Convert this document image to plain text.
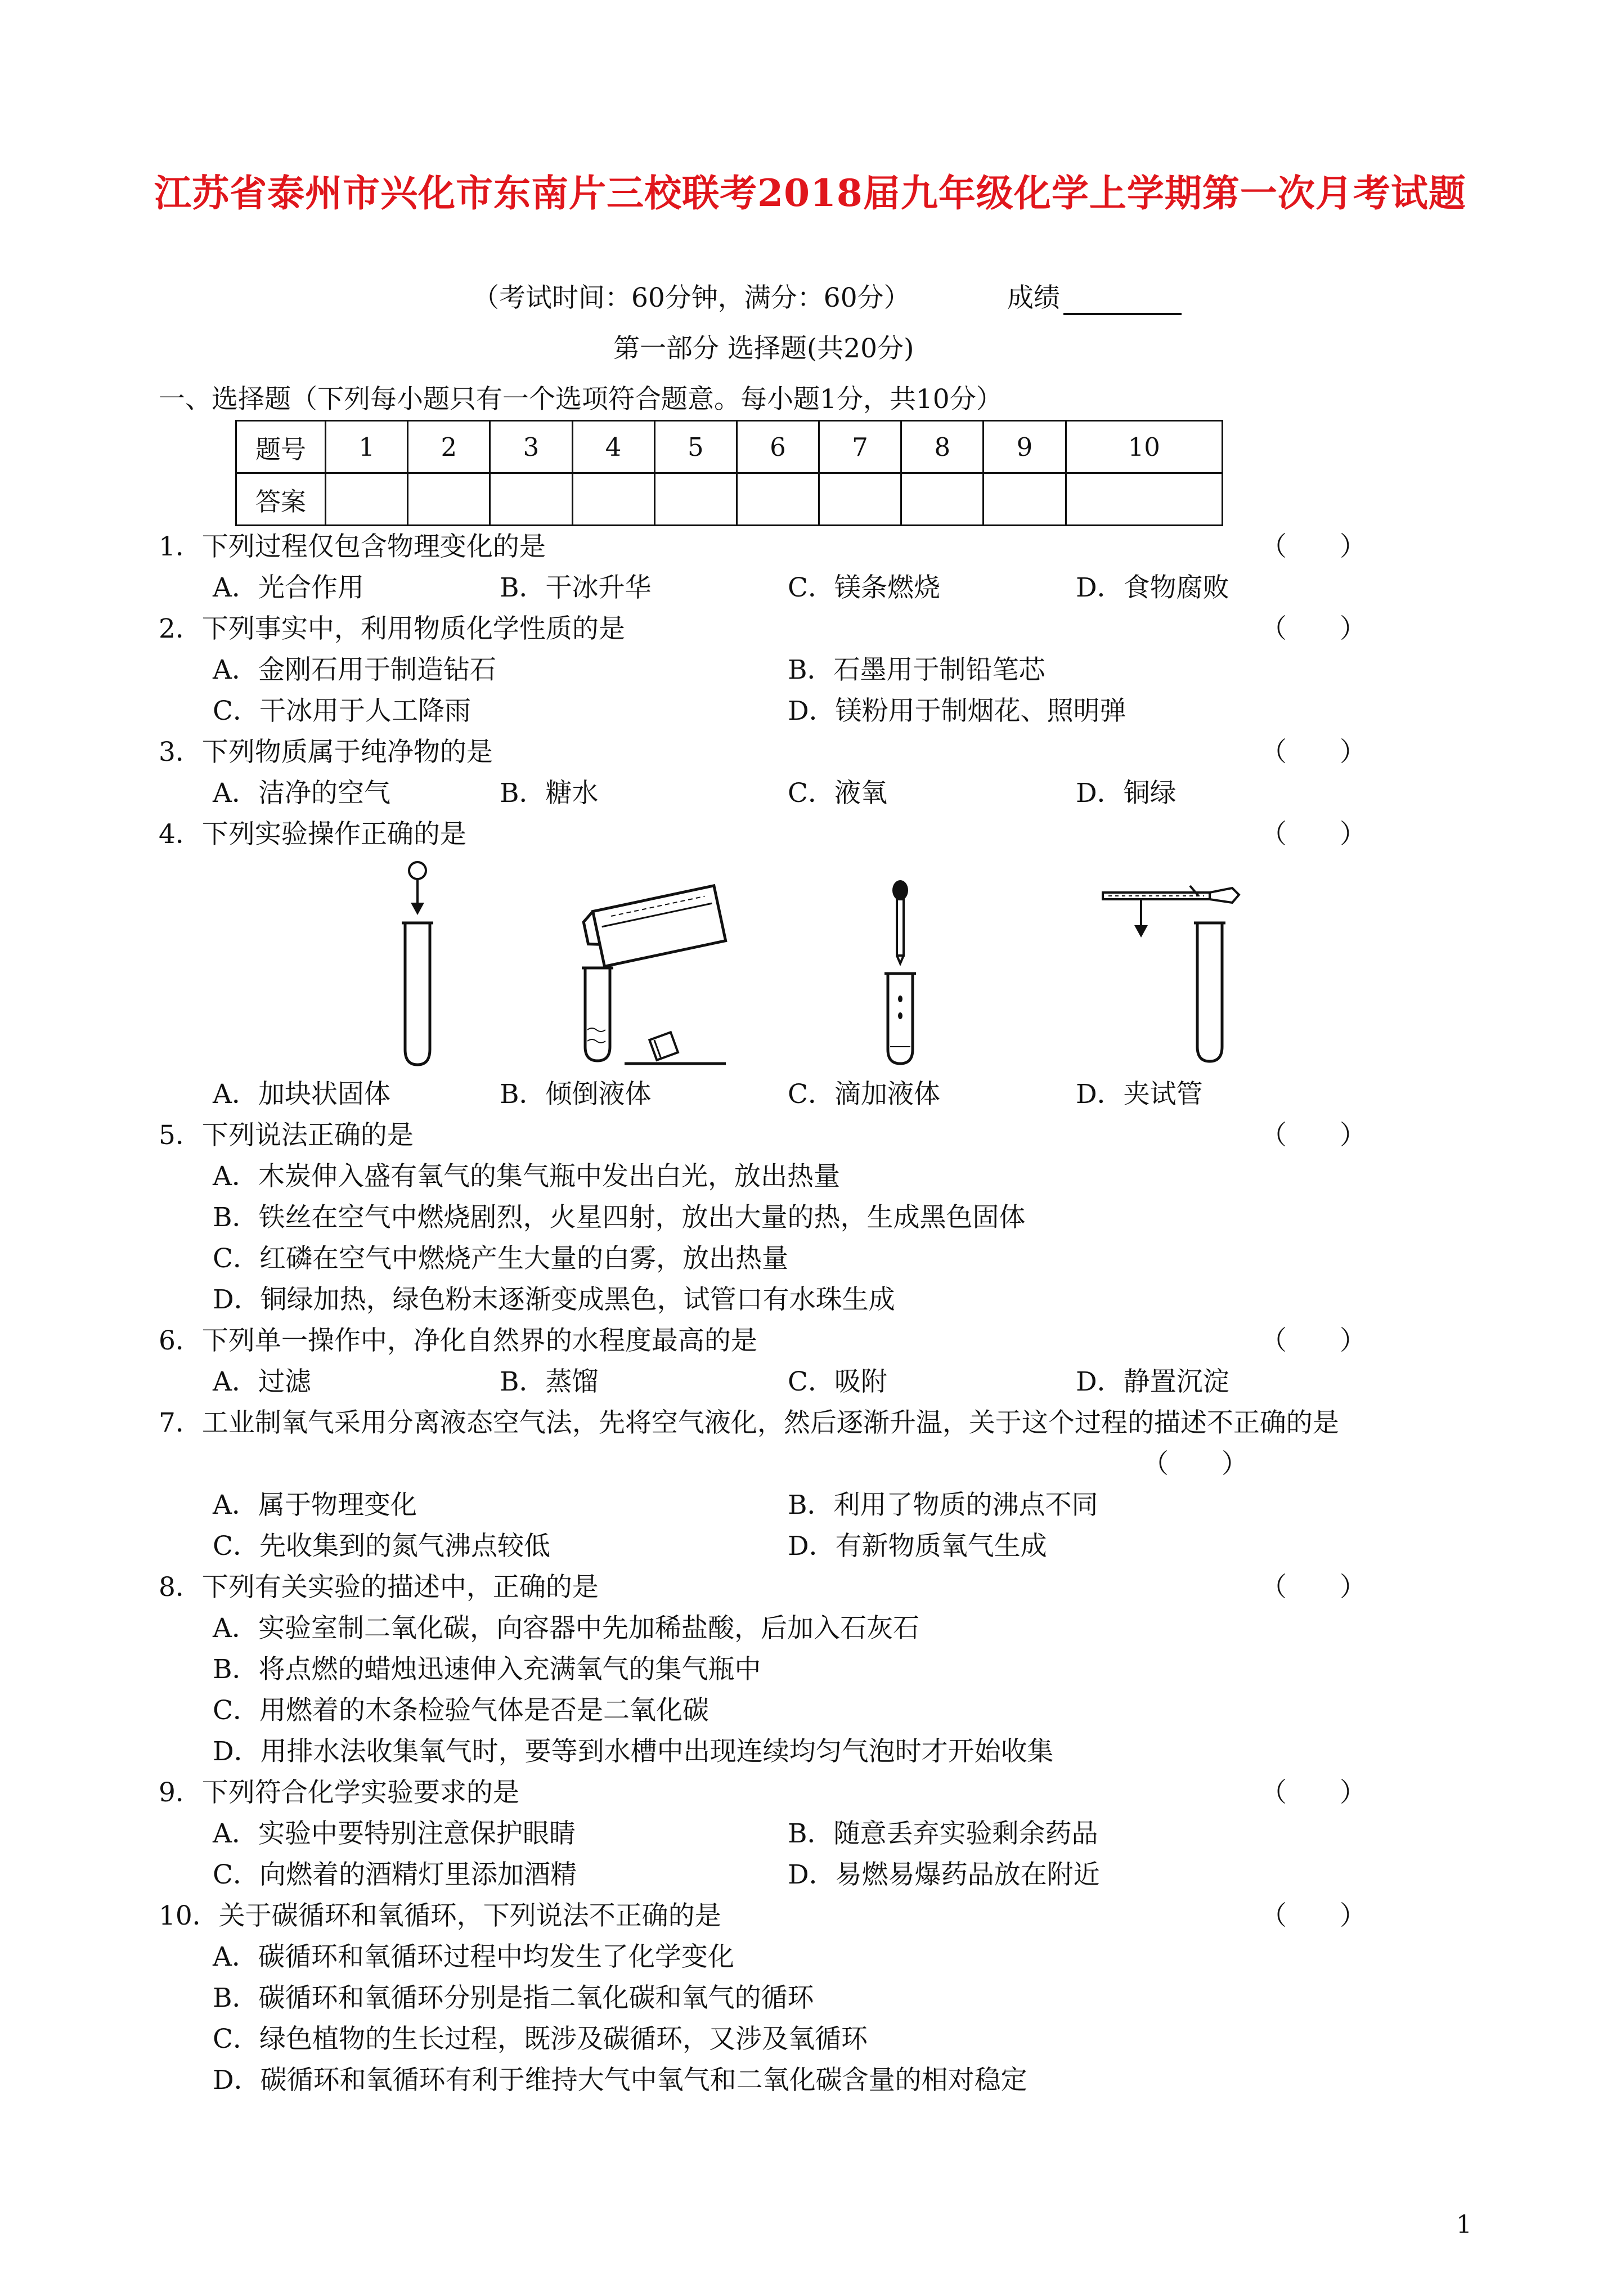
江苏省泰州市兴化市东南片三校联考2018届九年级化学上学期第一次月考试题
（考试时间：60分钟，满分：60分）	成绩
第一部分 选择题(共20分)
一、选择题（下列每小题只有一个选项符合题意。每小题1分，共10分）
题号	1	2	3	4	5	6	7	8	9	10
答案										
1．下列过程仅包含物理变化的是	（　　）
A．光合作用	B．干冰升华	C．镁条燃烧	D．食物腐败
2．下列事实中，利用物质化学性质的是	（　　）
A．金刚石用于制造钻石	B．石墨用于制铅笔芯
C．干冰用于人工降雨	D．镁粉用于制烟花、照明弹
3．下列物质属于纯净物的是	（　　）
A．洁净的空气	B．糖水	C．液氧	D．铜绿
4．下列实验操作正确的是	（　　）
A．加块状固体	B．倾倒液体	C．滴加液体	D．夹试管
5．下列说法正确的是	（　　）
A．木炭伸入盛有氧气的集气瓶中发出白光，放出热量
B．铁丝在空气中燃烧剧烈，火星四射，放出大量的热，生成黑色固体
C．红磷在空气中燃烧产生大量的白雾，放出热量
D．铜绿加热，绿色粉末逐渐变成黑色，试管口有水珠生成
6．下列单一操作中，净化自然界的水程度最高的是	（　　）
A．过滤	B．蒸馏	C．吸附	D．静置沉淀
7．工业制氧气采用分离液态空气法，先将空气液化，然后逐渐升温，关于这个过程的描述不正确的是
（　　）
A．属于物理变化	B．利用了物质的沸点不同
C．先收集到的氮气沸点较低	D．有新物质氧气生成
8．下列有关实验的描述中，正确的是	（　　）
A．实验室制二氧化碳，向容器中先加稀盐酸，后加入石灰石
B．将点燃的蜡烛迅速伸入充满氧气的集气瓶中
C．用燃着的木条检验气体是否是二氧化碳
D．用排水法收集氧气时，要等到水槽中出现连续均匀气泡时才开始收集
9．下列符合化学实验要求的是	（　　）
A．实验中要特别注意保护眼睛	B．随意丢弃实验剩余药品
C．向燃着的酒精灯里添加酒精	D．易燃易爆药品放在附近
10．关于碳循环和氧循环，下列说法不正确的是	（　　）
A．碳循环和氧循环过程中均发生了化学变化
B．碳循环和氧循环分别是指二氧化碳和氧气的循环
C．绿色植物的生长过程，既涉及碳循环，又涉及氧循环
D．碳循环和氧循环有利于维持大气中氧气和二氧化碳含量的相对稳定
1
